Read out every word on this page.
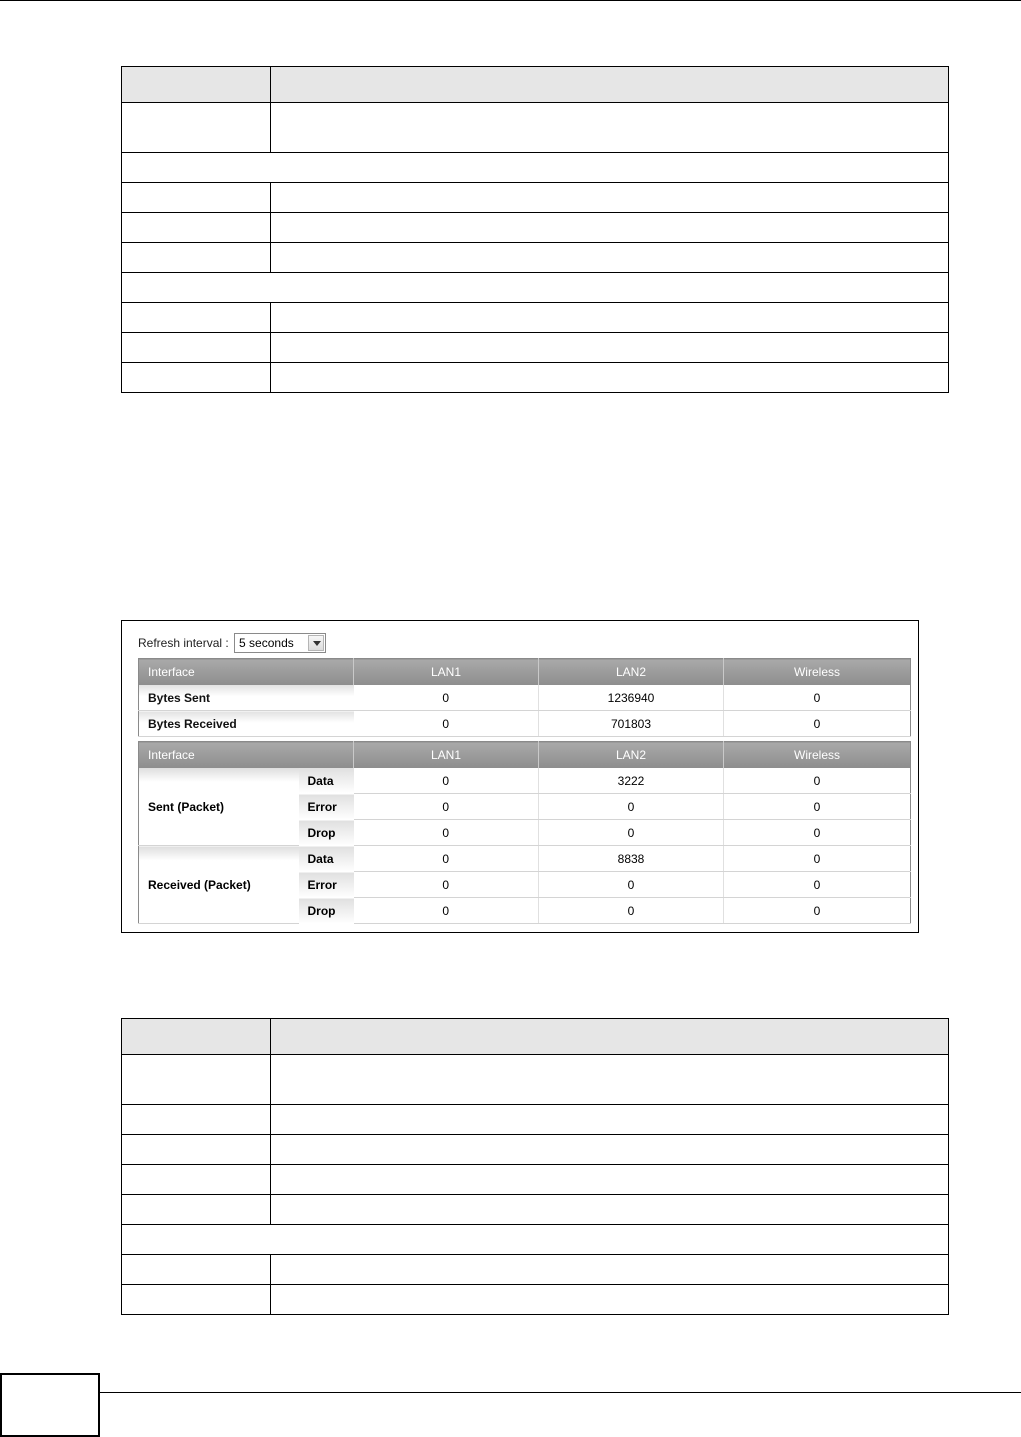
Refresh interval : 5 seconds
Interface	LAN1	LAN2	Wireless
Bytes Sent	0	1236940	0
Bytes Received	0	701803	0
Interface		LAN1	LAN2	Wireless
Sent (Packet)	Data	0	3222	0
	Error	0	0	0
	Drop	0	0	0
Received (Packet)	Data	0	8838	0
	Error	0	0	0
	Drop	0	0	0
